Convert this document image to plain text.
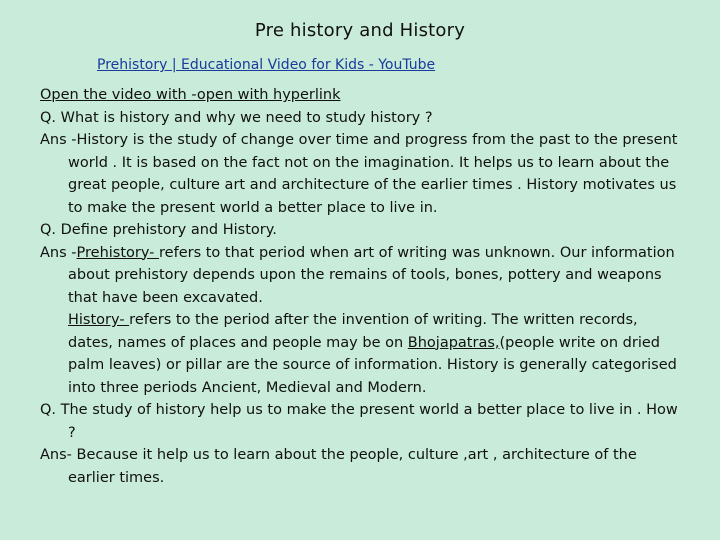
Pre history and History
Prehistory | Educational Video for Kids - YouTube

Open the video with -open with hyperlink

Q. What is history and why we need to study history ?

Ans -History is the study of change over time and progress from the past to the present world . It is based on the fact not on the imagination. It helps us to learn about the great people, culture art and architecture of the earlier times . History motivates us to make the present world a better place to live in.

Q. Define prehistory and History.

Ans -Prehistory- refers to that period when art of writing was unknown. Our information about prehistory depends upon the remains of tools, bones, pottery and weapons that have been excavated.

History- refers to the period after the invention of writing. The written records, dates, names of places and people may be on Bhojapatras,(people write on dried palm leaves) or pillar are the source of information. History is generally categorised into three periods Ancient, Medieval and Modern.

Q. The study of history help us to make the present world a better place to live in . How ?

Ans- Because it help us to learn about the people, culture ,art , architecture of the earlier times.
